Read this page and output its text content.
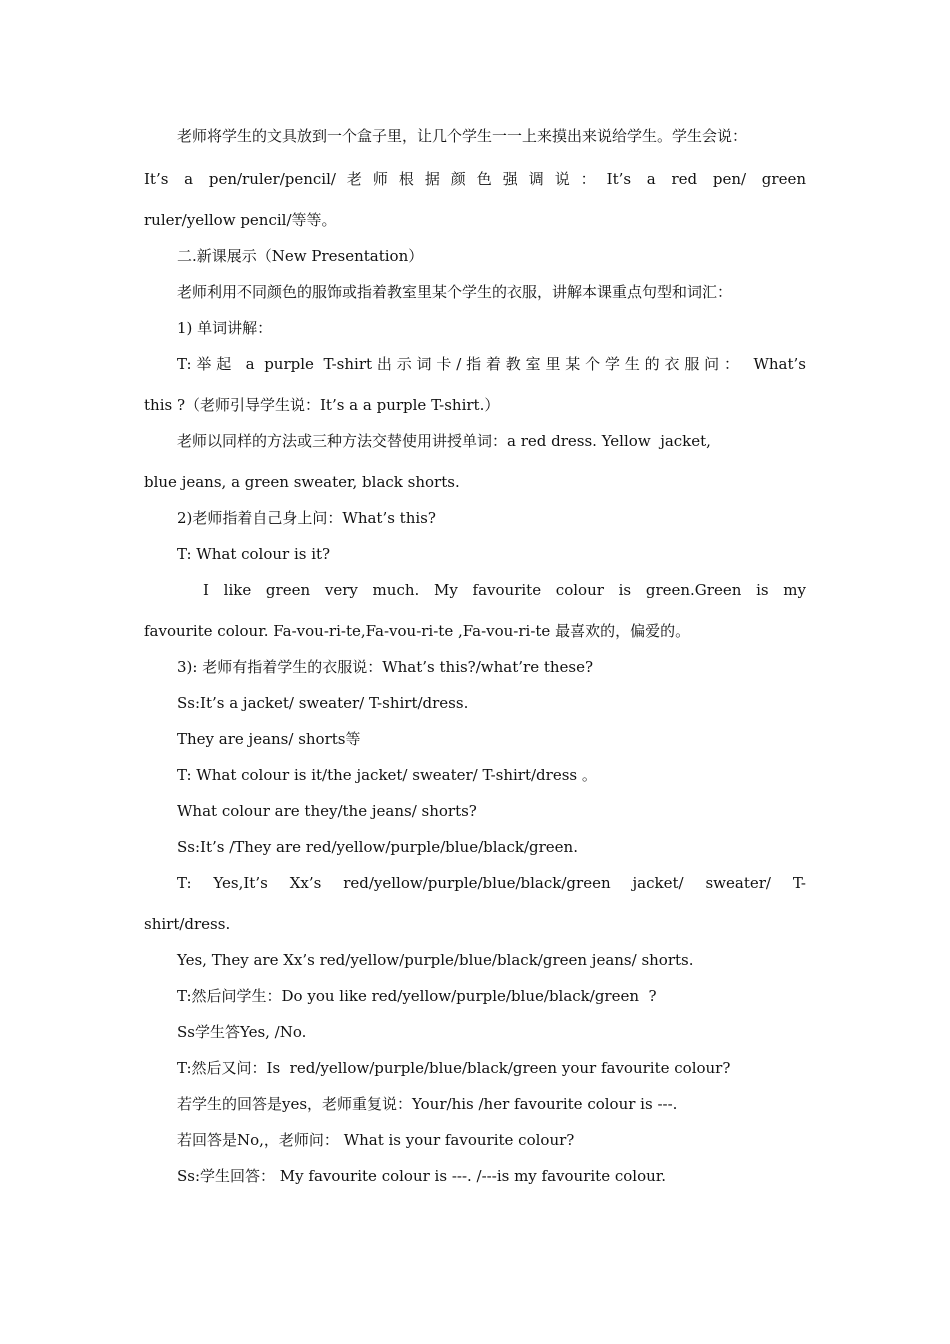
老师将学生的文具放到一个盒子里，让几个学生一一上来摸出来说给学生。学生会说：
It’s a pen/ruler/pencil/老师根据颜色强调说：It’s a red pen/ green
ruler/yellow pencil/等等。
二.新课展示（New Presentation）
老师利用不同颜色的服饰或指着教室里某个学生的衣服，讲解本课重点句型和词汇：
1) 单词讲解：
T:举起 a purple T-shirt出示词卡/指着教室里某个学生的衣服问： What’s
this ?（老师引导学生说：It’s a a purple T-shirt.）
老师以同样的方法或三种方法交替使用讲授单词：a red dress. Yellow  jacket,
blue jeans, a green sweater, black shorts.
2)老师指着自己身上问：What’s this?
T: What colour is it?
I like green very much. My favourite colour is green.Green is my
favourite colour. Fa-vou-ri-te,Fa-vou-ri-te ,Fa-vou-ri-te 最喜欢的，偏爱的。
3): 老师有指着学生的衣服说：What’s this?/what’re these?
Ss:It’s a jacket/ sweater/ T-shirt/dress.
They are jeans/ shorts等
T: What colour is it/the jacket/ sweater/ T-shirt/dress 。
What colour are they/the jeans/ shorts?
Ss:It’s /They are red/yellow/purple/blue/black/green.
T: Yes,It’s Xx’s red/yellow/purple/blue/black/green jacket/ sweater/ T-
shirt/dress.
Yes, They are Xx’s red/yellow/purple/blue/black/green jeans/ shorts.
T:然后问学生：Do you like red/yellow/purple/blue/black/green  ?
Ss学生答Yes, /No.
T:然后又问：Is  red/yellow/purple/blue/black/green your favourite colour?
若学生的回答是yes，老师重复说：Your/his /her favourite colour is ---.
若回答是No,，老师问： What is your favourite colour?
Ss:学生回答： My favourite colour is ---. /---is my favourite colour.
